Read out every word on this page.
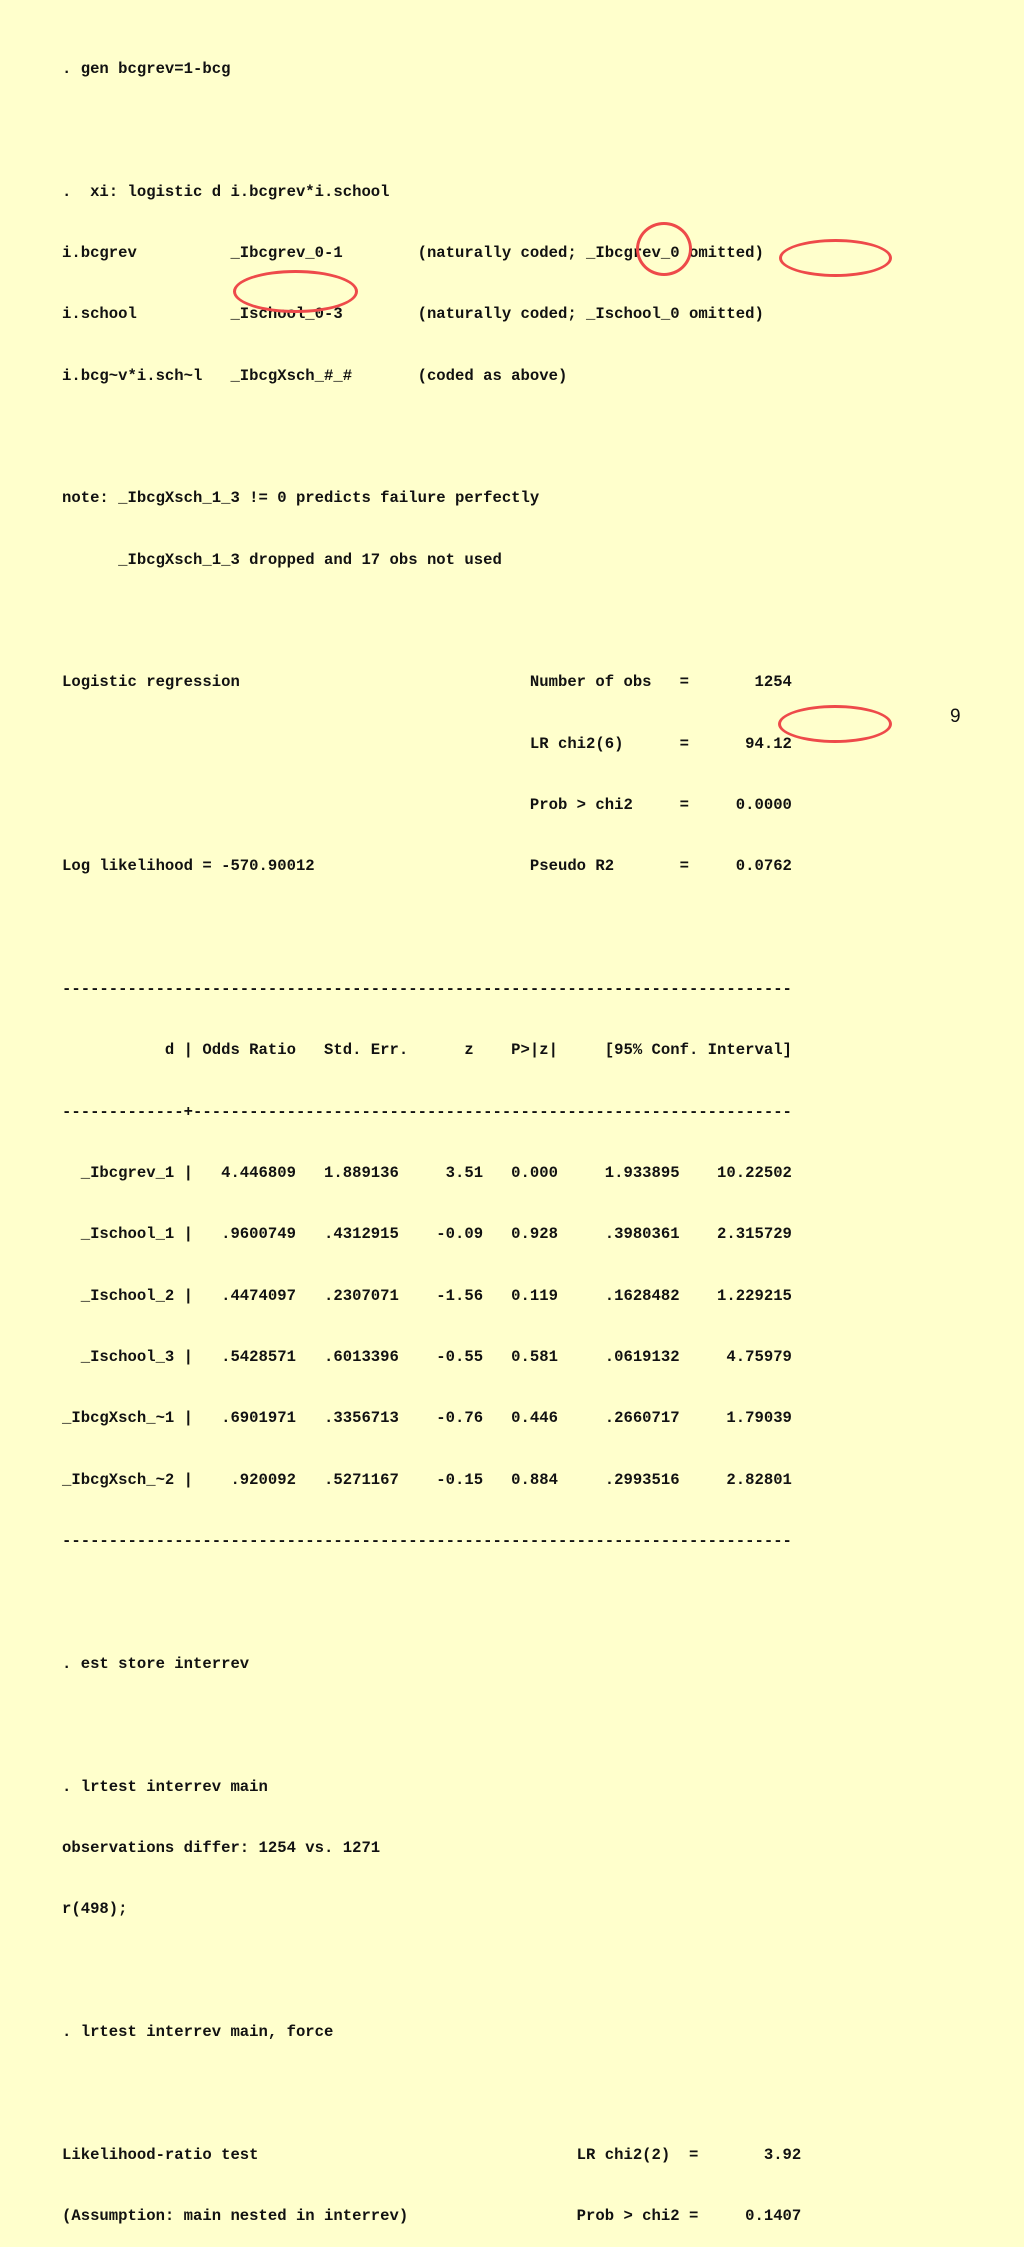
. gen bcgrev=1-bcg

.  xi: logistic d i.bcgrev*i.school

i.bcgrev          _Ibcgrev_0-1        (naturally coded; _Ibcgrev_0 omitted)

i.school          _Ischool_0-3        (naturally coded; _Ischool_0 omitted)

i.bcg~v*i.sch~l   _IbcgXsch_#_#       (coded as above)

note: _IbcgXsch_1_3 != 0 predicts failure perfectly

_IbcgXsch_1_3 dropped and 17 obs not used

Logistic regression                               Number of obs   =       1254

LR chi2(6)      =      94.12

Prob > chi2     =     0.0000

Log likelihood = -570.90012                       Pseudo R2       =     0.0762

------------------------------------------------------------------------------

d | Odds Ratio   Std. Err.      z    P>|z|     [95% Conf. Interval]

-------------+----------------------------------------------------------------

_Ibcgrev_1 |   4.446809   1.889136     3.51   0.000     1.933895    10.22502

_Ischool_1 |   .9600749   .4312915    -0.09   0.928     .3980361    2.315729

_Ischool_2 |   .4474097   .2307071    -1.56   0.119     .1628482    1.229215

_Ischool_3 |   .5428571   .6013396    -0.55   0.581     .0619132     4.75979

_IbcgXsch_~1 |   .6901971   .3356713    -0.76   0.446     .2660717     1.79039

_IbcgXsch_~2 |    .920092   .5271167    -0.15   0.884     .2993516     2.82801

------------------------------------------------------------------------------

. est store interrev

. lrtest interrev main

observations differ: 1254 vs. 1271

r(498);

. lrtest interrev main, force

Likelihood-ratio test                                  LR chi2(2)  =       3.92

(Assumption: main nested in interrev)                  Prob > chi2 =     0.1407

9
